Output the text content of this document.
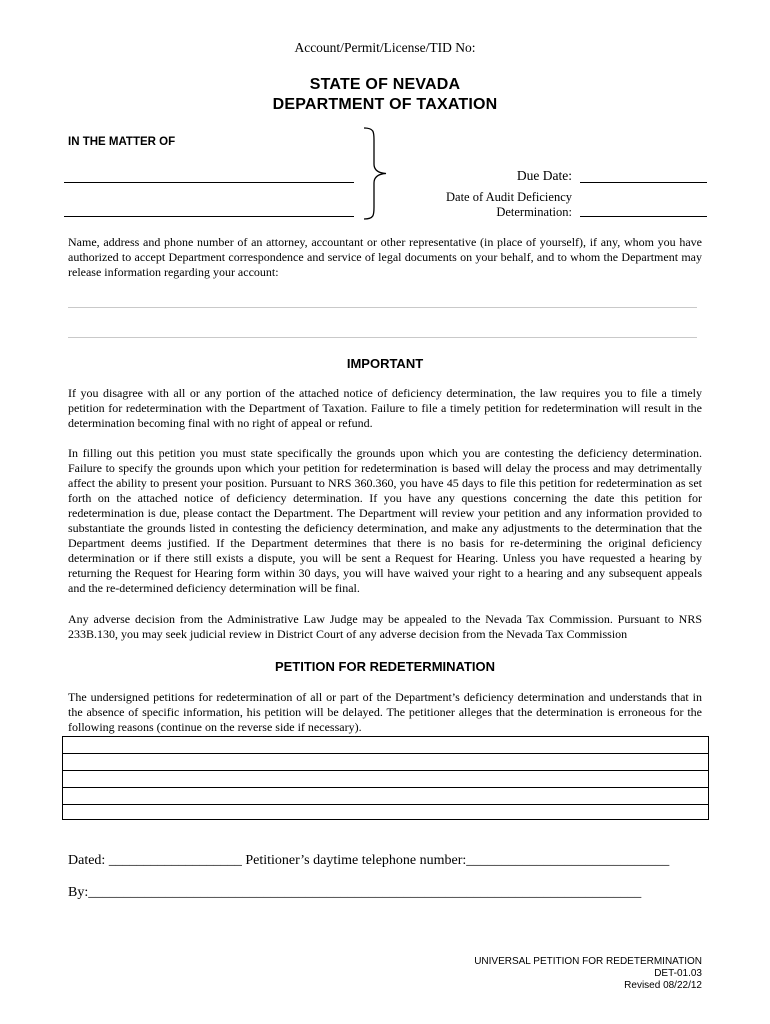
Account/Permit/License/TID No:
STATE OF NEVADA
DEPARTMENT OF TAXATION
IN THE MATTER OF
Due Date:
Date of Audit Deficiency
Determination:
Name, address and phone number of an attorney, accountant or other representative (in place of yourself), if any, whom you have authorized to accept Department correspondence and service of legal documents on your behalf, and to whom the Department may release information regarding your account:
IMPORTANT
If you disagree with all or any portion of the attached notice of deficiency determination, the law requires you to file a timely petition for redetermination with the Department of Taxation. Failure to file a timely petition for redetermination will result in the determination becoming final with no right of appeal or refund.
In filling out this petition you must state specifically the grounds upon which you are contesting the deficiency determination. Failure to specify the grounds upon which your petition for redetermination is based will delay the process and may detrimentally affect the ability to present your position. Pursuant to NRS 360.360, you have 45 days to file this petition for redetermination as set forth on the attached notice of deficiency determination. If you have any questions concerning the date this petition for redetermination is due, please contact the Department. The Department will review your petition and any information provided to substantiate the grounds listed in contesting the deficiency determination, and make any adjustments to the determination that the Department deems justified. If the Department determines that there is no basis for re-determining the original deficiency determination or if there still exists a dispute, you will be sent a Request for Hearing. Unless you have requested a hearing by returning the Request for Hearing form within 30 days, you will have waived your right to a hearing and any subsequent appeals and the re-determined deficiency determination will be final.
Any adverse decision from the Administrative Law Judge may be appealed to the Nevada Tax Commission. Pursuant to NRS 233B.130, you may seek judicial review in District Court of any adverse decision from the Nevada Tax Commission
PETITION FOR REDETERMINATION
The undersigned petitions for redetermination of all or part of the Department’s deficiency determination and understands that in the absence of specific information, his petition will be delayed. The petitioner alleges that the determination is erroneous for the following reasons (continue on the reverse side if necessary).
Dated: ___________________ Petitioner’s daytime telephone number:_____________________________
By:_______________________________________________________________________________
UNIVERSAL PETITION FOR REDETERMINATION
DET-01.03
Revised 08/22/12
